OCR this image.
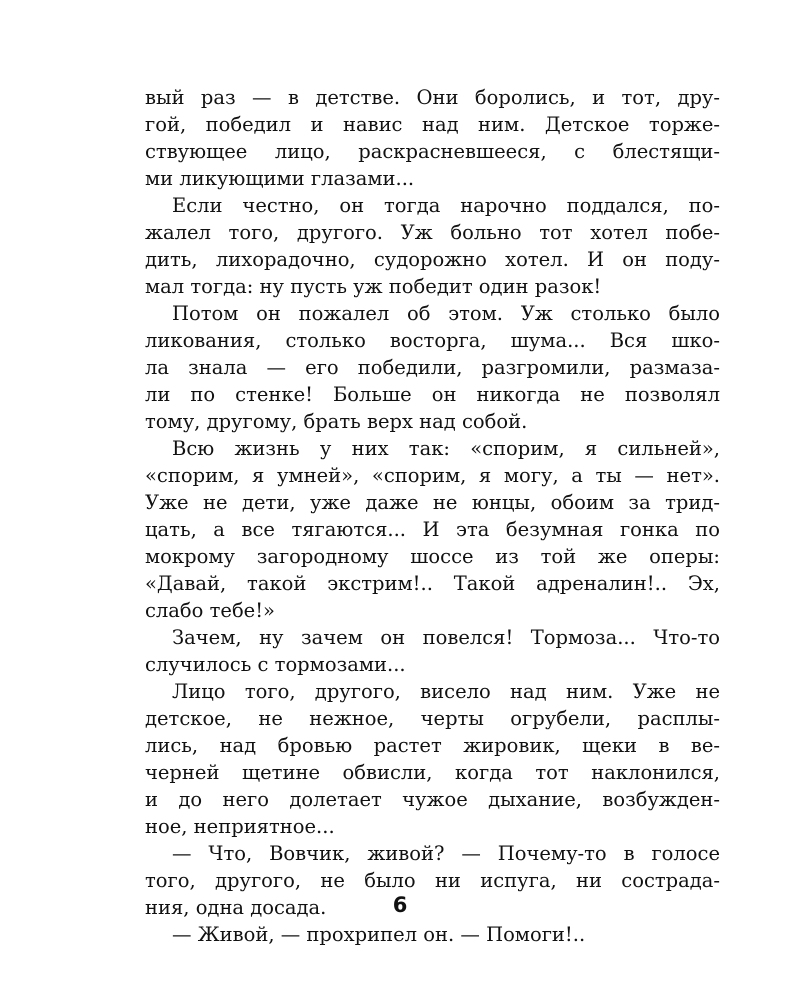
вый раз — в детстве. Они боролись, и тот, дру-
гой, победил и навис над ним. Детское торже-
ствующее лицо, раскрасневшееся, с блестящи-
ми ликующими глазами...
Если честно, он тогда нарочно поддался, по-
жалел того, другого. Уж больно тот хотел побе-
дить, лихорадочно, судорожно хотел. И он поду-
мал тогда: ну пусть уж победит один разок!
Потом он пожалел об этом. Уж столько было
ликования, столько восторга, шума... Вся шко-
ла знала — его победили, разгромили, размаза-
ли по стенке! Больше он никогда не позволял
тому, другому, брать верх над собой.
Всю жизнь у них так: «спорим, я сильней»,
«спорим, я умней», «спорим, я могу, а ты — нет».
Уже не дети, уже даже не юнцы, обоим за трид-
цать, а все тягаются... И эта безумная гонка по
мокрому загородному шоссе из той же оперы:
«Давай, такой экстрим!.. Такой адреналин!.. Эх,
слабо тебе!»
Зачем, ну зачем он повелся! Тормоза... Что-то
случилось с тормозами...
Лицо того, другого, висело над ним. Уже не
детское, не нежное, черты огрубели, расплы-
лись, над бровью растет жировик, щеки в ве-
черней щетине обвисли, когда тот наклонился,
и до него долетает чужое дыхание, возбужден-
ное, неприятное...
— Что, Вовчик, живой? — Почему-то в голосе
того, другого, не было ни испуга, ни сострада-
ния, одна досада.
— Живой, — прохрипел он. — Помоги!..
6
